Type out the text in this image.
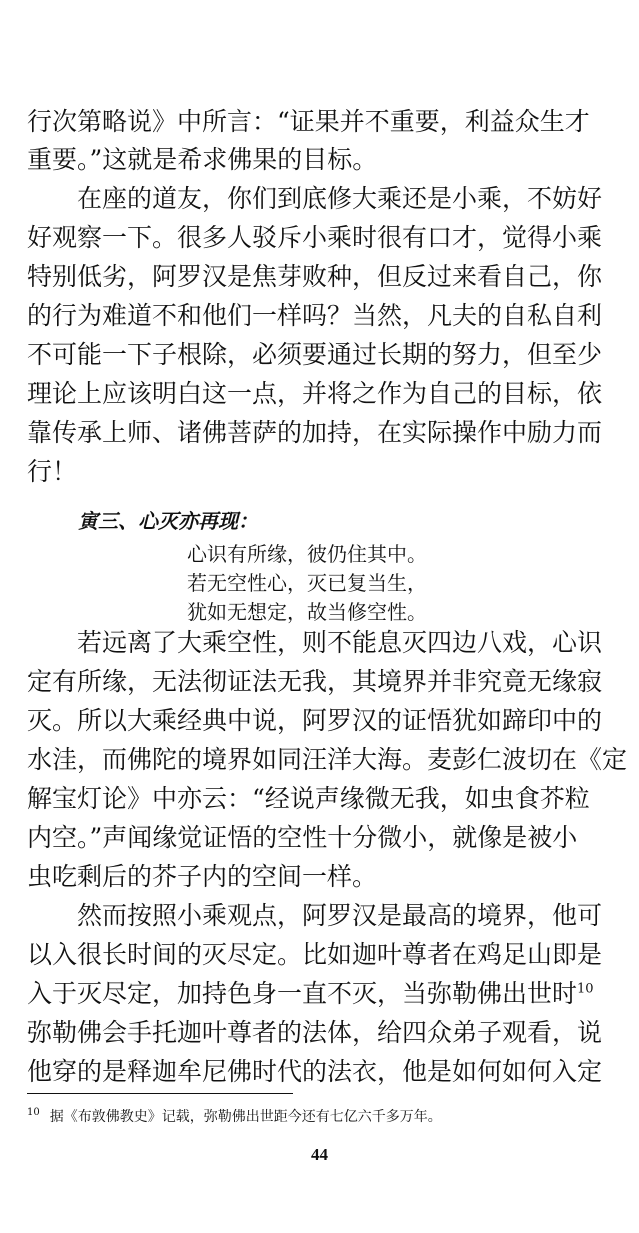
行次第略说》中所言：“证果并不重要，利益众生才
重要。”这就是希求佛果的目标。
在座的道友，你们到底修大乘还是小乘，不妨好
好观察一下。很多人驳斥小乘时很有口才，觉得小乘
特别低劣，阿罗汉是焦芽败种，但反过来看自己，你
的行为难道不和他们一样吗？当然，凡夫的自私自利
不可能一下子根除，必须要通过长期的努力，但至少
理论上应该明白这一点，并将之作为自己的目标，依
靠传承上师、诸佛菩萨的加持，在实际操作中励力而
行！
寅三、心灭亦再现：
心识有所缘，彼仍住其中。
若无空性心，灭已复当生，
犹如无想定，故当修空性。
若远离了大乘空性，则不能息灭四边八戏，心识
定有所缘，无法彻证法无我，其境界并非究竟无缘寂
灭。所以大乘经典中说，阿罗汉的证悟犹如蹄印中的
水洼，而佛陀的境界如同汪洋大海。麦彭仁波切在《定
解宝灯论》中亦云：“经说声缘微无我，如虫食芥粒
内空。”声闻缘觉证悟的空性十分微小，就像是被小
虫吃剩后的芥子内的空间一样。
然而按照小乘观点，阿罗汉是最高的境界，他可
以入很长时间的灭尽定。比如迦叶尊者在鸡足山即是
入于灭尽定，加持色身一直不灭，当弥勒佛出世时$^{10}$
弥勒佛会手托迦叶尊者的法体，给四众弟子观看，说
他穿的是释迦牟尼佛时代的法衣，他是如何如何入定
$^{10}$ 据《布敦佛教史》记载，弥勒佛出世距今还有七亿六千多万年。
44
